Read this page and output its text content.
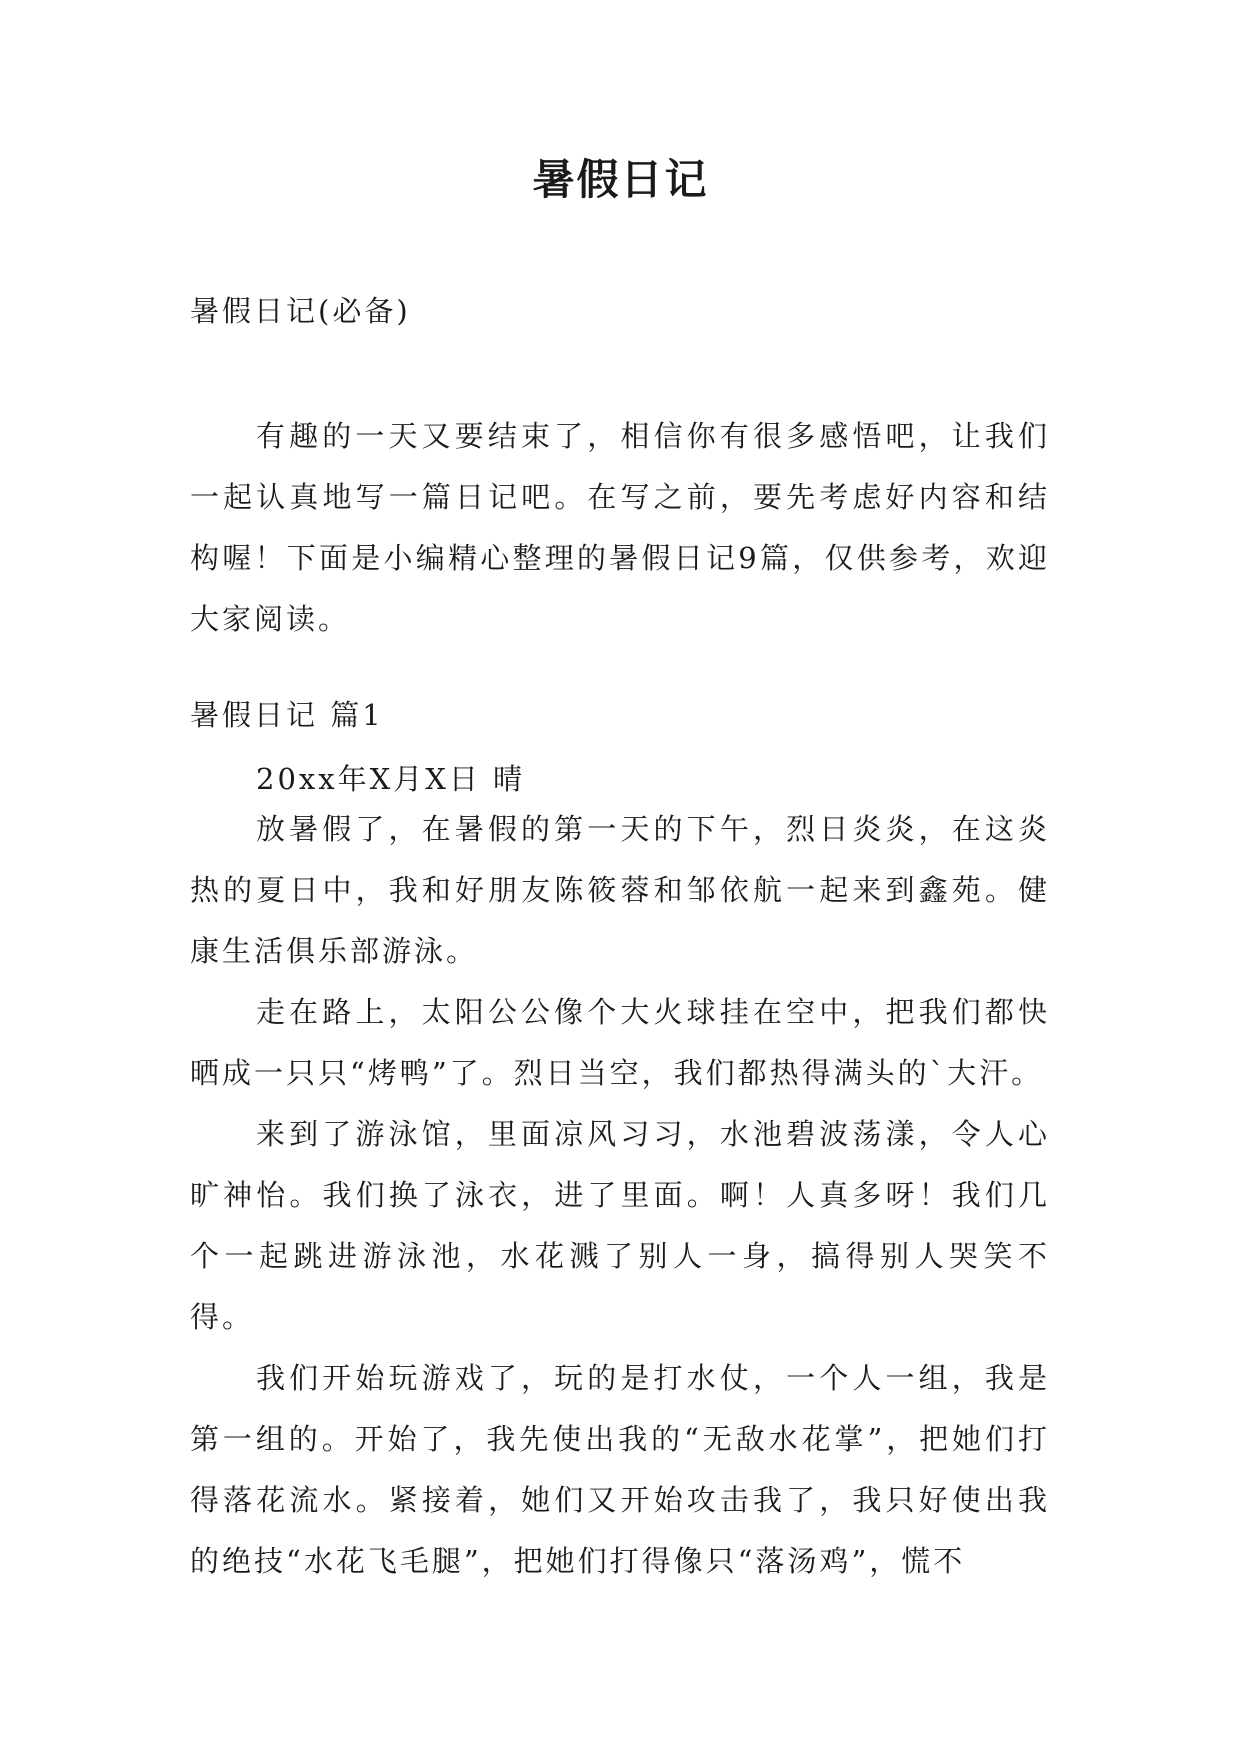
暑假日记

暑假日记(必备)

有趣的一天又要结束了，相信你有很多感悟吧，让我们一起认真地写一篇日记吧。在写之前，要先考虑好内容和结构喔！下面是小编精心整理的暑假日记9篇，仅供参考，欢迎大家阅读。

暑假日记 篇1

20xx年X月X日 晴

放暑假了，在暑假的第一天的下午，烈日炎炎，在这炎热的夏日中，我和好朋友陈筱蓉和邹依航一起来到鑫苑。健康生活俱乐部游泳。

走在路上，太阳公公像个大火球挂在空中，把我们都快晒成一只只“烤鸭”了。烈日当空，我们都热得满头的`大汗。

来到了游泳馆，里面凉风习习，水池碧波荡漾，令人心旷神怡。我们换了泳衣，进了里面。啊！人真多呀！我们几个一起跳进游泳池，水花溅了别人一身，搞得别人哭笑不得。

我们开始玩游戏了，玩的是打水仗，一个人一组，我是第一组的。开始了，我先使出我的“无敌水花掌”，把她们打得落花流水。紧接着，她们又开始攻击我了，我只好使出我的绝技“水花飞毛腿”，把她们打得像只“落汤鸡”，慌不
